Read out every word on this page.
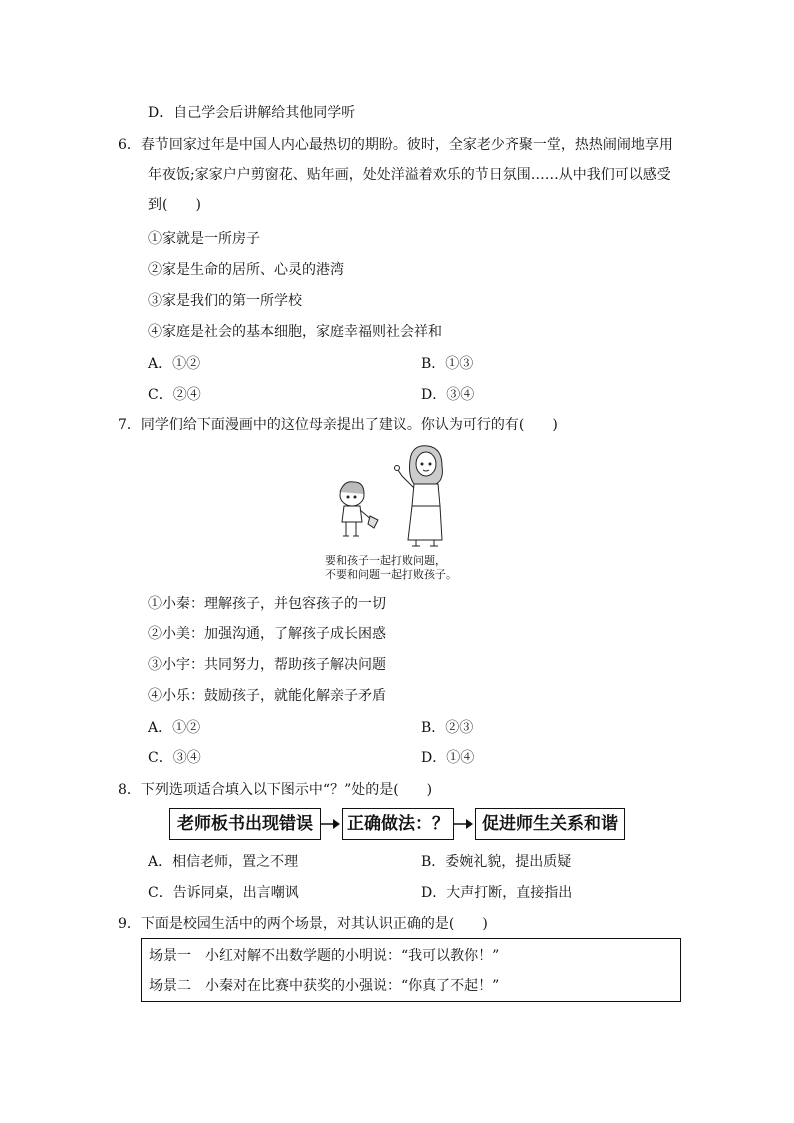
D．自己学会后讲解给其他同学听
6．春节回家过年是中国人内心最热切的期盼。彼时，全家老少齐聚一堂，热热闹闹地享用
年夜饭;家家户户剪窗花、贴年画，处处洋溢着欢乐的节日氛围……从中我们可以感受
到(　　)
①家就是一所房子
②家是生命的居所、心灵的港湾
③家是我们的第一所学校
④家庭是社会的基本细胞，家庭幸福则社会祥和
A．①②	B．①③
C．②④	D．③④
7．同学们给下面漫画中的这位母亲提出了建议。你认为可行的有(　　)
要和孩子一起打败问题，
不要和问题一起打败孩子。
①小秦：理解孩子，并包容孩子的一切
②小美：加强沟通，了解孩子成长困惑
③小宇：共同努力，帮助孩子解决问题
④小乐：鼓励孩子，就能化解亲子矛盾
A．①②	B．②③
C．③④	D．①④
8．下列选项适合填入以下图示中“？”处的是(　　)
老师板书出现错误	正确做法：？	促进师生关系和谐
A．相信老师，置之不理	B．委婉礼貌，提出质疑
C．告诉同桌，出言嘲讽	D．大声打断，直接指出
9．下面是校园生活中的两个场景，对其认识正确的是(　　)
场景一　小红对解不出数学题的小明说：“我可以教你！”
场景二　小秦对在比赛中获奖的小强说：“你真了不起！”
